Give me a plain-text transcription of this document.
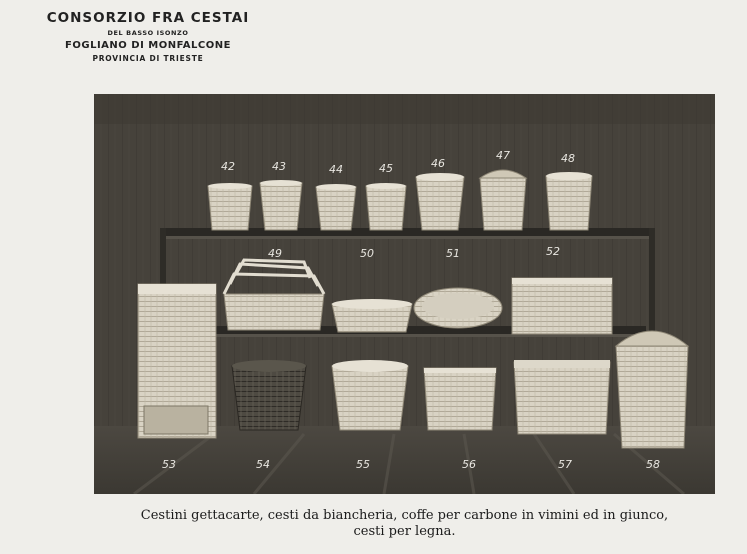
CONSORZIO FRA CESTAI
DEL BASSO ISONZO
FOGLIANO DI MONFALCONE
PROVINCIA DI TRIESTE
42	43	44	45	46
47	48
49	50	51	52
53	54	55	56	57	58
Cestini gettacarte, cesti da biancheria, coffe per carbone in vimini ed in giunco,
cesti per legna.
